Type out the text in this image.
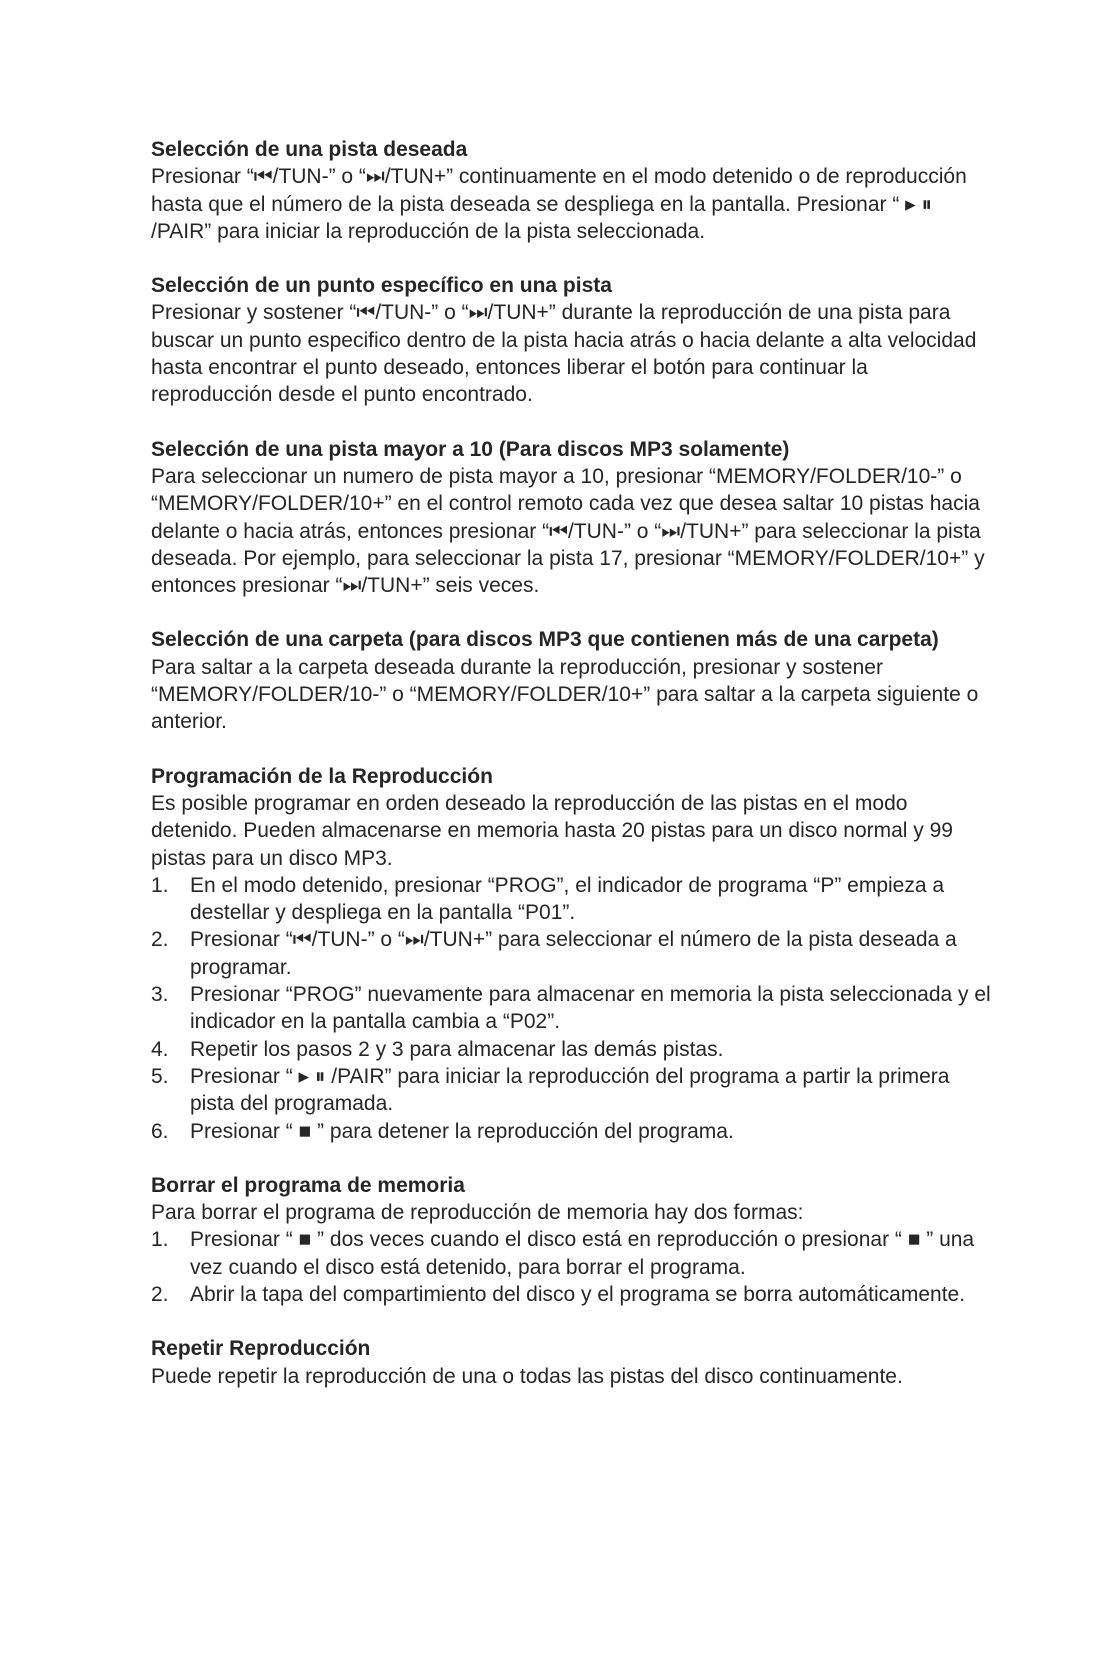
Selección de una pista deseada

Presionar “⏮/TUN-” o “⏭/TUN+” continuamente en el modo detenido o de reproducción hasta que el número de la pista deseada se despliega en la pantalla. Presionar “ ▸ ⏸ /PAIR” para iniciar la reproducción de la pista seleccionada.

Selección de un punto específico en una pista

Presionar y sostener “⏮/TUN-” o “⏭/TUN+” durante la reproducción de una pista para buscar un punto especifico dentro de la pista hacia atrás o hacia delante a alta velocidad hasta encontrar el punto deseado, entonces liberar el botón para continuar la reproducción desde el punto encontrado.

Selección de una pista mayor a 10 (Para discos MP3 solamente)

Para seleccionar un numero de pista mayor a 10, presionar “MEMORY/FOLDER/10-” o “MEMORY/FOLDER/10+” en el control remoto cada vez que desea saltar 10 pistas hacia delante o hacia atrás, entonces presionar “⏮/TUN-” o “⏭/TUN+” para seleccionar la pista deseada. Por ejemplo, para seleccionar la pista 17, presionar “MEMORY/FOLDER/10+” y entonces presionar “⏭/TUN+” seis veces.

Selección de una carpeta (para discos MP3 que contienen más de una carpeta)

Para saltar a la carpeta deseada durante la reproducción, presionar y sostener “MEMORY/FOLDER/10-” o “MEMORY/FOLDER/10+” para saltar a la carpeta siguiente o anterior.

Programación de la Reproducción

Es posible programar en orden deseado la reproducción de las pistas en el modo detenido. Pueden almacenarse en memoria hasta 20 pistas para un disco normal y 99 pistas para un disco MP3.

1. En el modo detenido, presionar “PROG”, el indicador de programa “P” empieza a destellar y despliega en la pantalla “P01”.
2. Presionar “⏮/TUN-” o “⏭/TUN+” para seleccionar el número de la pista deseada a programar.
3. Presionar “PROG” nuevamente para almacenar en memoria la pista seleccionada y el indicador en la pantalla cambia a “P02”.
4. Repetir los pasos 2 y 3 para almacenar las demás pistas.
5. Presionar “ ▸ ⏸ /PAIR” para iniciar la reproducción del programa a partir la primera pista del programada.
6. Presionar “ ■ ” para detener la reproducción del programa.

Borrar el programa de memoria

Para borrar el programa de reproducción de memoria hay dos formas:

1. Presionar “ ■ ” dos veces cuando el disco está en reproducción o presionar “ ■ ” una vez cuando el disco está detenido, para borrar el programa.
2. Abrir la tapa del compartimiento del disco y el programa se borra automáticamente.

Repetir Reproducción

Puede repetir la reproducción de una o todas las pistas del disco continuamente.
